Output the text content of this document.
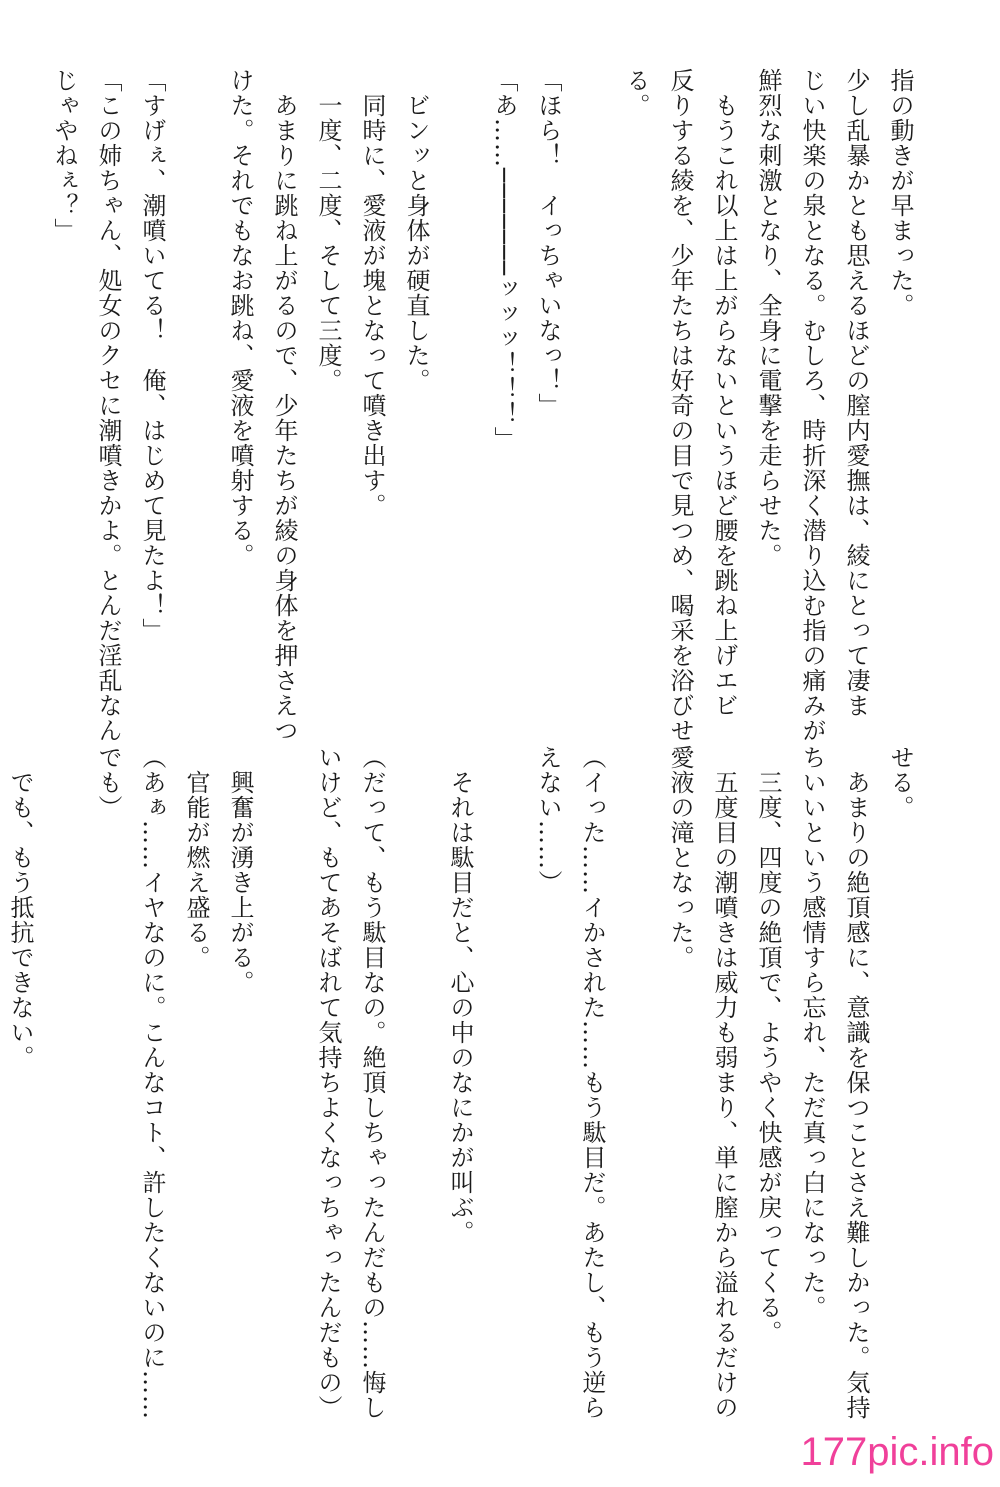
指の動きが早まった。
少し乱暴かとも思えるほどの膣内愛撫は、綾にとって凄ま
じい快楽の泉となる。むしろ、時折深く潜り込む指の痛みが
鮮烈な刺激となり、全身に電撃を走らせた。
　もうこれ以上は上がらないというほど腰を跳ね上げエビ
反りする綾を、少年たちは好奇の目で見つめ、喝采を浴びせ
る。

「ほら！　イっちゃいなっ！」
「あ……───────ッッッ！！！」

　ビンッと身体が硬直した。
　同時に、愛液が塊となって噴き出す。
　一度、二度、そして三度。
　あまりに跳ね上がるので、少年たちが綾の身体を押さえつ
けた。それでもなお跳ね、愛液を噴射する。

「すげぇ、潮噴いてる！　俺、はじめて見たよ！」
「この姉ちゃん、処女のクセに潮噴きかよ。とんだ淫乱なん
じゃやねぇ？」

せる。
　あまりの絶頂感に、意識を保つことさえ難しかった。気持
ちいいという感情すら忘れ、ただ真っ白になった。
　三度、四度の絶頂で、ようやく快感が戻ってくる。
　五度目の潮噴きは威力も弱まり、単に膣から溢れるだけの
愛液の滝となった。

（イった……イかされた……もう駄目だ。あたし、もう逆ら
えない……）

　それは駄目だと、心の中のなにかが叫ぶ。

（だって、もう駄目なの。絶頂しちゃったんだもの……悔し
いけど、もてあそばれて気持ちよくなっちゃったんだもの）

　興奮が湧き上がる。
　官能が燃え盛る。
（あぁ……イヤなのに。こんなコト、許したくないのに……
でも）

　でも、もう抵抗できない。
177pic.info
